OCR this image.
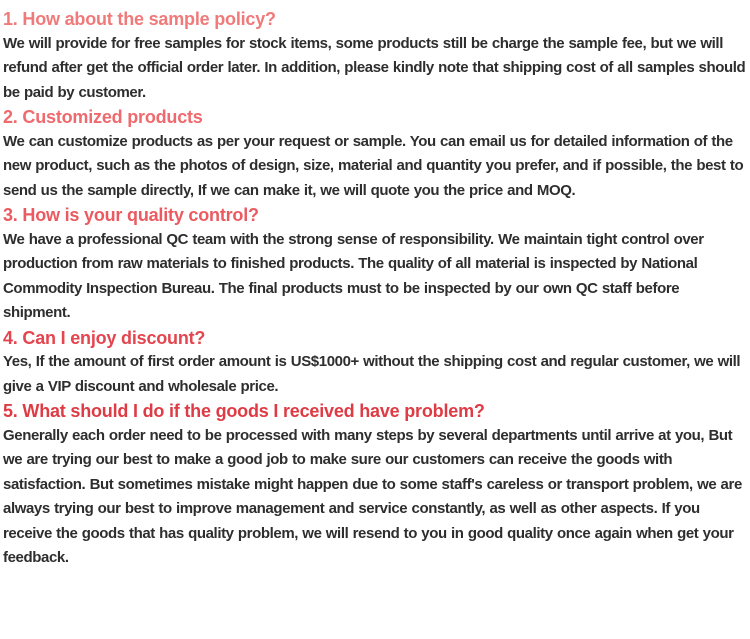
1. How about the sample policy?

We will provide for free samples for stock items, some products still be charge the sample fee, but we will refund after get the official order later. In addition, please kindly note that shipping cost of all samples should be paid by customer.

2. Customized products

We can customize products as per your request or sample. You can email us for detailed information of the new product, such as the photos of design, size, material and quantity you prefer, and if possible, the best to send us the sample directly, If we can make it, we will quote you the price and MOQ.

3. How is your quality control?

We have a professional QC team with the strong sense of responsibility. We maintain tight control over production from raw materials to finished products. The quality of all material is inspected by National Commodity Inspection Bureau. The final products must to be inspected by our own QC staff before shipment.

4. Can I enjoy discount?

Yes, If the amount of first order amount is US$1000+ without the shipping cost and regular customer, we will give a VIP discount and wholesale price.

5. What should I do if the goods I received have problem?

Generally each order need to be processed with many steps by several departments until arrive at you, But we are trying our best to make a good job to make sure our customers can receive the goods with satisfaction. But sometimes mistake might happen due to some staff's careless or transport problem, we are always trying our best to improve management and service constantly, as well as other aspects. If you receive the goods that has quality problem, we will resend to you in good quality once again when get your feedback.
